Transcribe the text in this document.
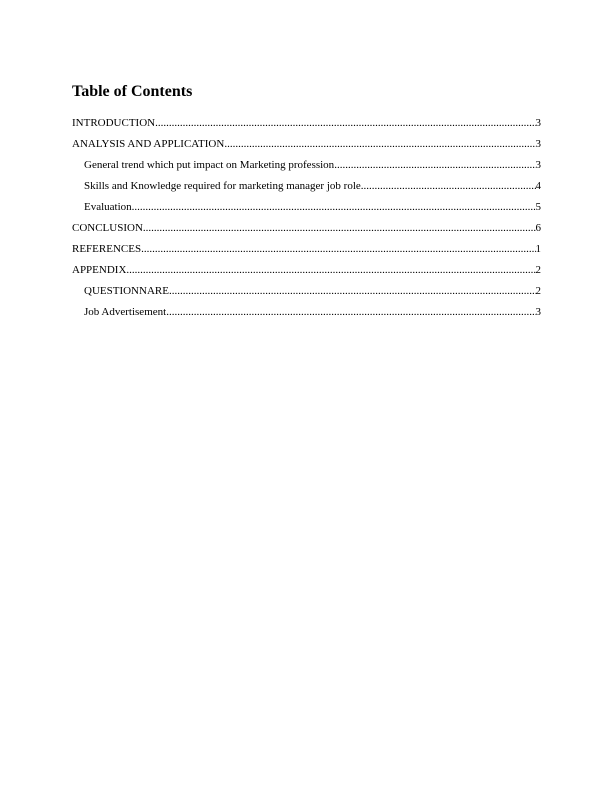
Table of Contents
INTRODUCTION .....	3
ANALYSIS AND APPLICATION .....	3
General trend which put impact on Marketing profession .....	3
Skills and Knowledge required for marketing manager job role .....	4
Evaluation .....	5
CONCLUSION .....	6
REFERENCES .....	1
APPENDIX .....	2
QUESTIONNARE .....	2
Job Advertisement .....	3
